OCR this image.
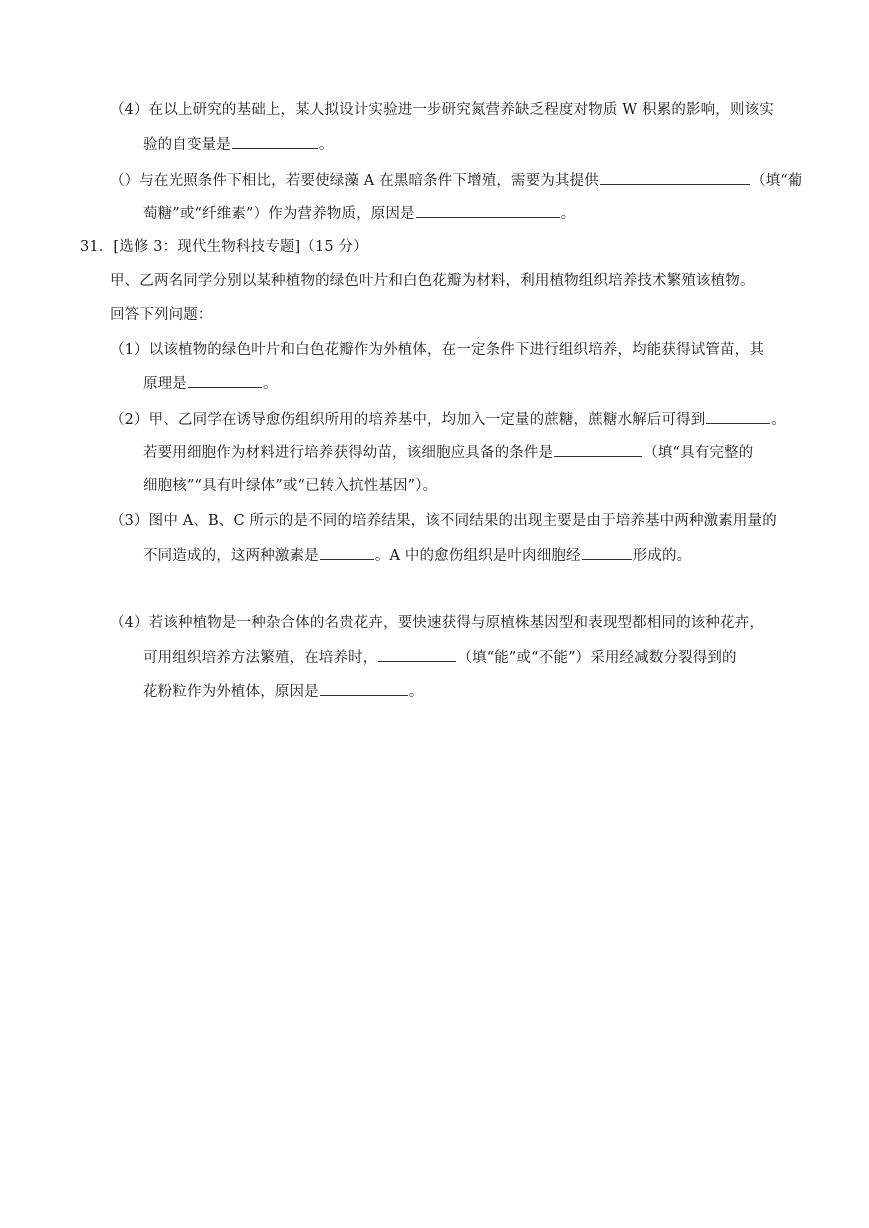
（4）在以上研究的基础上，某人拟设计实验进一步研究氮营养缺乏程度对物质 W 积累的影响，则该实
验的自变量是	。
（）与在光照条件下相比，若要使绿藻 A 在黑暗条件下增殖，需要为其提供	（填“葡
萄糖”或“纤维素”）作为营养物质，原因是	。
31．[选修 3：现代生物科技专题]（15 分）
甲、乙两名同学分别以某种植物的绿色叶片和白色花瓣为材料，利用植物组织培养技术繁殖该植物。
回答下列问题：
（1）以该植物的绿色叶片和白色花瓣作为外植体，在一定条件下进行组织培养，均能获得试管苗，其
原理是	。
（2）甲、乙同学在诱导愈伤组织所用的培养基中，均加入一定量的蔗糖，蔗糖水解后可得到	。
若要用细胞作为材料进行培养获得幼苗，该细胞应具备的条件是	（填“具有完整的
细胞核”“具有叶绿体”或“已转入抗性基因”）。
（3）图中 A、B、C 所示的是不同的培养结果，该不同结果的出现主要是由于培养基中两种激素用量的
不同造成的，这两种激素是	。A 中的愈伤组织是叶肉细胞经	形成的。
（4）若该种植物是一种杂合体的名贵花卉，要快速获得与原植株基因型和表现型都相同的该种花卉，
可用组织培养方法繁殖，在培养时，	（填“能”或“不能”）采用经减数分裂得到的
花粉粒作为外植体，原因是	。
